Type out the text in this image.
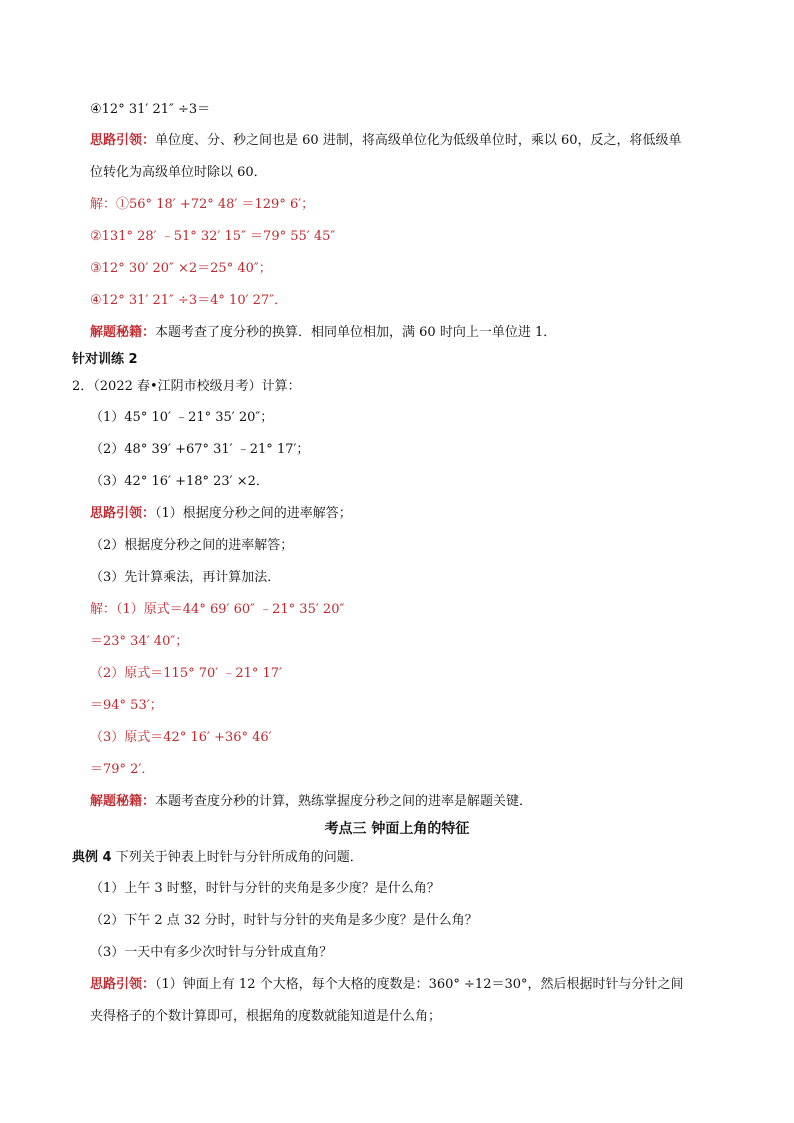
④12° 31′ 21″ ÷3＝
思路引领：单位度、分、秒之间也是 60 进制，将高级单位化为低级单位时，乘以 60，反之，将低级单
位转化为高级单位时除以 60．
解：①56° 18′ +72° 48′ ＝129° 6′；
②131° 28′ ﹣51° 32′ 15″ ＝79° 55′ 45″
③12° 30′ 20″ ×2＝25° 40″；
④12° 31′ 21″ ÷3＝4° 10′ 27″．
解题秘籍：本题考查了度分秒的换算．相同单位相加，满 60 时向上一单位进 1．
针对训练 2
2．（2022 春•江阴市校级月考）计算：
（1）45° 10′ ﹣21° 35′ 20″；
（2）48° 39′ +67° 31′ ﹣21° 17′；
（3）42° 16′ +18° 23′ ×2．
思路引领：（1）根据度分秒之间的进率解答；
（2）根据度分秒之间的进率解答；
（3）先计算乘法，再计算加法．
解：（1）原式＝44° 69′ 60″ ﹣21° 35′ 20″
＝23° 34′ 40″；
（2）原式＝115° 70′ ﹣21° 17′
＝94° 53′；
（3）原式＝42° 16′ +36° 46′
＝79° 2′．
解题秘籍：本题考查度分秒的计算，熟练掌握度分秒之间的进率是解题关键．
考点三 钟面上角的特征
典例 4 下列关于钟表上时针与分针所成角的问题．
（1）上午 3 时整，时针与分针的夹角是多少度？是什么角？
（2）下午 2 点 32 分时，时针与分针的夹角是多少度？是什么角？
（3）一天中有多少次时针与分针成直角？
思路引领：（1）钟面上有 12 个大格，每个大格的度数是：360° ÷12＝30°，然后根据时针与分针之间
夹得格子的个数计算即可，根据角的度数就能知道是什么角；
